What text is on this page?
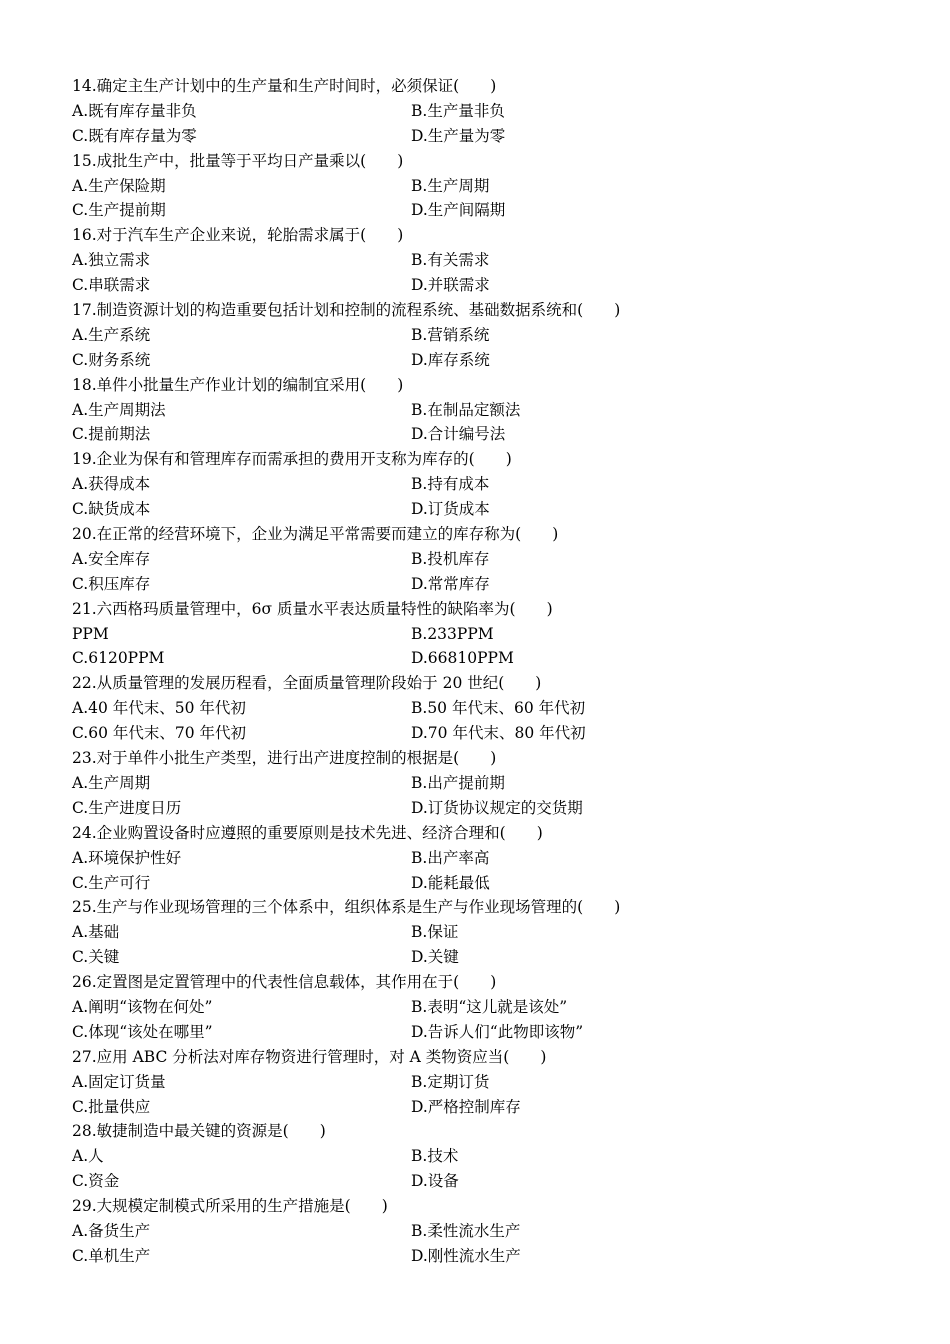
14.确定主生产计划中的生产量和生产时间时，必须保证(　　)
A.既有库存量非负	B.生产量非负
C.既有库存量为零	D.生产量为零
15.成批生产中，批量等于平均日产量乘以(　　)
A.生产保险期	B.生产周期
C.生产提前期	D.生产间隔期
16.对于汽车生产企业来说，轮胎需求属于(　　)
A.独立需求	B.有关需求
C.串联需求	D.并联需求
17.制造资源计划的构造重要包括计划和控制的流程系统、基础数据系统和(　　)
A.生产系统	B.营销系统
C.财务系统	D.库存系统
18.单件小批量生产作业计划的编制宜采用(　　)
A.生产周期法	B.在制品定额法
C.提前期法	D.合计编号法
19.企业为保有和管理库存而需承担的费用开支称为库存的(　　)
A.获得成本	B.持有成本
C.缺货成本	D.订货成本
20.在正常的经营环境下，企业为满足平常需要而建立的库存称为(　　)
A.安全库存	B.投机库存
C.积压库存	D.常常库存
21.六西格玛质量管理中，6σ 质量水平表达质量特性的缺陷率为(　　)
PPM	B.233PPM
C.6120PPM	D.66810PPM
22.从质量管理的发展历程看，全面质量管理阶段始于 20 世纪(　　)
A.40 年代末、50 年代初	B.50 年代末、60 年代初
C.60 年代末、70 年代初	D.70 年代末、80 年代初
23.对于单件小批生产类型，进行出产进度控制的根据是(　　)
A.生产周期	B.出产提前期
C.生产进度日历	D.订货协议规定的交货期
24.企业购置设备时应遵照的重要原则是技术先进、经济合理和(　　)
A.环境保护性好	B.出产率高
C.生产可行	D.能耗最低
25.生产与作业现场管理的三个体系中，组织体系是生产与作业现场管理的(　　)
A.基础	B.保证
C.关键	D.关键
26.定置图是定置管理中的代表性信息载体，其作用在于(　　)
A.阐明“该物在何处”	B.表明“这儿就是该处”
C.体现“该处在哪里”	D.告诉人们“此物即该物”
27.应用 ABC 分析法对库存物资进行管理时，对 A 类物资应当(　　)
A.固定订货量	B.定期订货
C.批量供应	D.严格控制库存
28.敏捷制造中最关键的资源是(　　)
A.人	B.技术
C.资金	D.设备
29.大规模定制模式所采用的生产措施是(　　)
A.备货生产	B.柔性流水生产
C.单机生产	D.刚性流水生产
